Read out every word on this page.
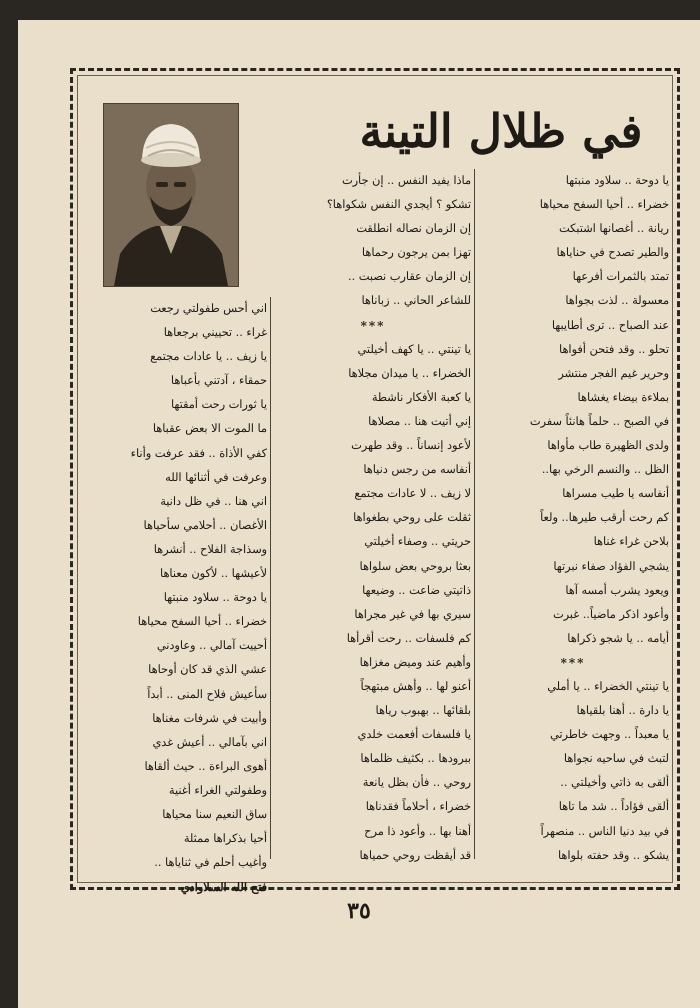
في ظلال التينة
يا دوحة .. سلاود منبتها
خضراء .. أحيا السفح محياها
ريانة .. أغصانها اشتبكت
والطير تصدح في حناياها
تمتد بالثمرات أفرعها
معسولة .. لذت بجواها
عند الصباح .. ترى أطايبها
تحلو .. وقد فتحن أفواها
وحرير غيم الفجر منتشر
بملاءة بيضاء يغشاها
في الصبح .. حلماً هانئاً سفرت
ولدى الظهيرة طاب مأواها
الظل .. والنسم الرخي بها..
أنفاسه يا طيب مسراها
كم رحت أرقب طيرها.. ولعاً
بلاحن غراء غناها
يشجي الفؤاد صفاء نبرتها
ويعود يشرب أمسه آها
وأعود اذكر ماضياً.. غبرت
أيامه .. يا شجو ذكراها
***
يا تينتي الخضراء .. يا أملي
يا دارة .. أهنا بلقياها
يا معبداً .. وجهت خاطرتي
لتبث في ساحيه نجواها
ألقى به ذاتي وأخيلتي ..
ألقى فؤاداً .. شد ما تاها
في بيد دنيا الناس .. منصهراً
يشكو .. وقد حفته بلواها
ماذا يفيد النفس .. إن جأرت
تشكو ؟ أيجدي النفس شكواها؟
إن الزمان نصاله انطلقت
تهزا بمن يرجون رحماها
إن الزمان عقارب نصبت ..
للشاعر الحاني .. زباناها
***
يا تينتي .. يا كهف أخيلتي
الخضراء .. يا ميدان مجلاها
يا كعبة الأفكار ناشطة
إني أتيت هنا .. مصلاها
لأعود إنساناً .. وقد طهرت
أنفاسه من رجس دنياها
لا زيف .. لا عادات مجتمع
ثقلت على روحي بطغواها
حريتي .. وصفاء أخيلتي
بعثا بروحي بعض سلواها
ذاتيتي ضاعت .. وضيعها
سيري بها في غير مجراها
كم فلسفات .. رحت أقرأها
وأهيم عند وميض مغزاها
أعنو لها .. وأهش مبتهجاً
بلقائها .. بهبوب رياها
يا فلسفات أفعمت خلدي
ببرودها .. بكثيف ظلماها
روحي .. فأن بظل يانعة
خضراء ، أحلاماً فقدناها
أهنا بها .. وأعود ذا مرح
قد أيقظت روحي حمياها
اني أحس طفولتي رجعت
غراء .. تحييني برجعاها
يا زيف .. يا عادات مجتمع
حمقاء ، آدتني بأعباها
يا ثورات رحت أمقتها
ما الموت الا بعض عقباها
كفي الأذاة .. فقد عرفت وأناء
وعرفت في أثنائها الله
اني هنا .. في ظل دانية
الأغصان .. أحلامي سأحياها
وسذاجة الفلاح .. أنشرها
لأعيشها .. لأكون معناها
يا دوحة .. سلاود منبتها
خضراء .. أحيا السفح محياها
أحييت آمالي .. وعاودني
عشي الذي قد كان أوحاها
سأعيش فلاح المنى .. أبداً
وأبيت في شرفات مغناها
اني بآمالي .. أعيش غدي
أهوى البراءة .. حيث ألقاها
وطفولتي الغراء أغنية
ساق النعيم سنا محياها
أحيا بذكراها ممثلة
وأغيب أحلم في ثناياها ..
فتح الله السلاوادي

٣٥
